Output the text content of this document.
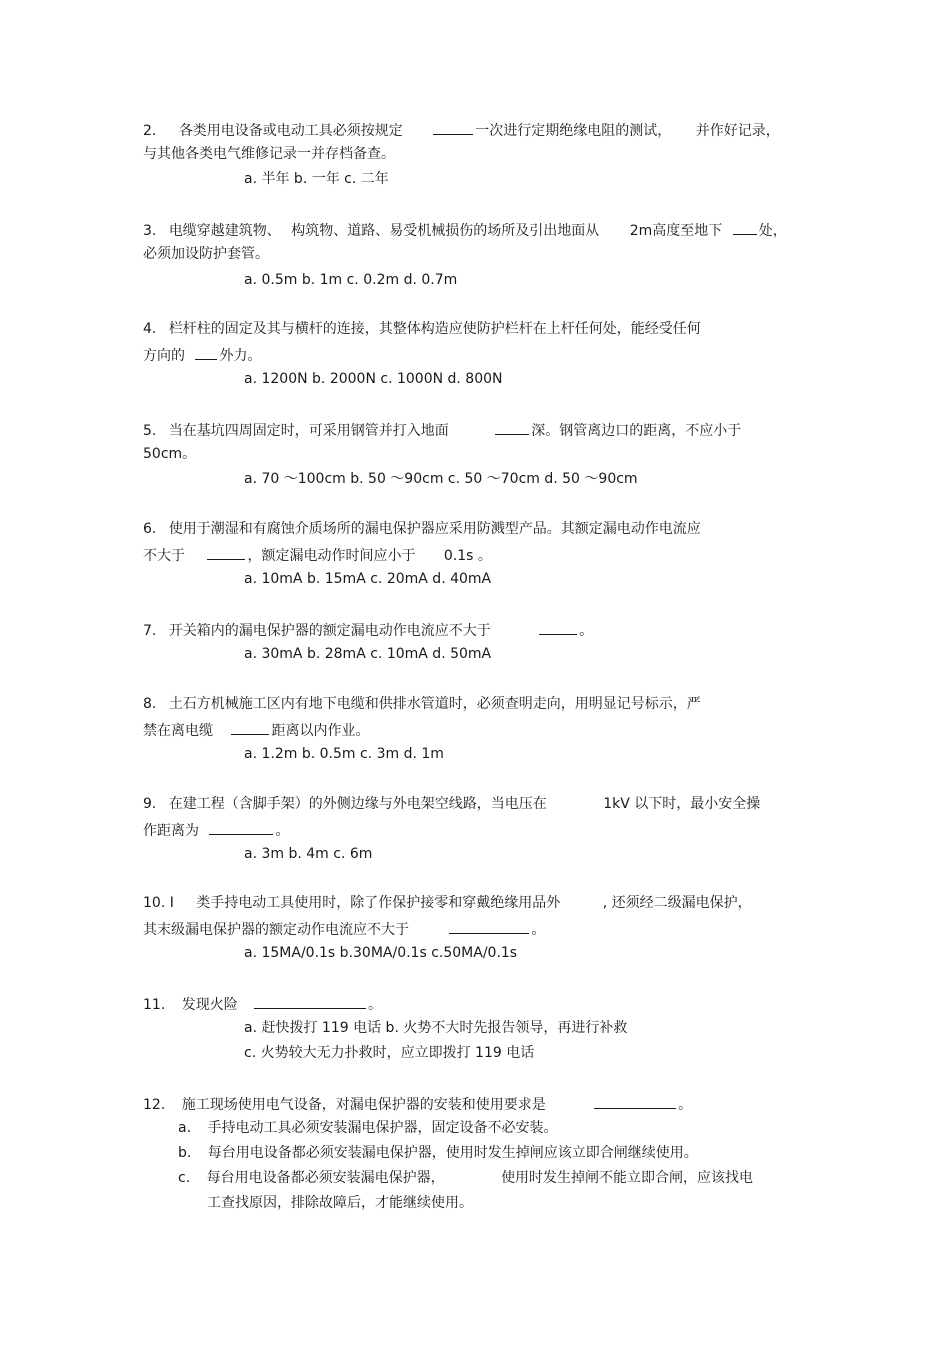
2. 各类用电设备或电动工具必须按规定	一次进行定期绝缘电阻的测试， 并作好记录，
与其他各类电气维修记录一并存档备查。
a. 半年 b. 一年 c. 二年
3. 电缆穿越建筑物、 构筑物、道路、易受机械损伤的场所及引出地面从 2m高度至地下	处，
必须加设防护套管。
a. 0.5m b. 1m c. 0.2m d. 0.7m
4. 栏杆柱的固定及其与横杆的连接，其整体构造应使防护栏杆在上杆任何处，能经受任何
方向的 外力。
a. 1200N b. 2000N c. 1000N d. 800N
5. 当在基坑四周固定时，可采用钢管并打入地面	深。钢管离边口的距离，不应小于
50cm。
a. 70 ～100cm b. 50 ～90cm c. 50 ～70cm d. 50 ～90cm
6. 使用于潮湿和有腐蚀介质场所的漏电保护器应采用防溅型产品。其额定漏电动作电流应
不大于	，额定漏电动作时间应小于 0.1s 。
a. 10mA b. 15mA c. 20mA d. 40mA
7. 开关箱内的漏电保护器的额定漏电动作电流应不大于	。
a. 30mA b. 28mA c. 10mA d. 50mA
8. 土石方机械施工区内有地下电缆和供排水管道时，必须查明走向，用明显记号标示，严
禁在离电缆	距离以内作业。
a. 1.2m b. 0.5m c. 3m d. 1m
9. 在建工程（含脚手架）的外侧边缘与外电架空线路，当电压在	1kV 以下时，最小安全操
作距离为	。
a. 3m b. 4m c. 6m
10. I 类手持电动工具使用时，除了作保护接零和穿戴绝缘用品外	, 还须经二级漏电保护，
其末级漏电保护器的额定动作电流应不大于	。
a. 15MA/0.1s b.30MA/0.1s c.50MA/0.1s
11. 发现火险	。
a. 赶快拨打 119 电话 b. 火势不大时先报告领导，再进行补救
c. 火势较大无力扑救时，应立即拨打 119 电话
12. 施工现场使用电气设备，对漏电保护器的安装和使用要求是	。
a. 手持电动工具必须安装漏电保护器，固定设备不必安装。
b. 每台用电设备都必须安装漏电保护器，使用时发生掉闸应该立即合闸继续使用。
c. 每台用电设备都必须安装漏电保护器，	使用时发生掉闸不能立即合闸，应该找电
工查找原因，排除故障后，才能继续使用。
